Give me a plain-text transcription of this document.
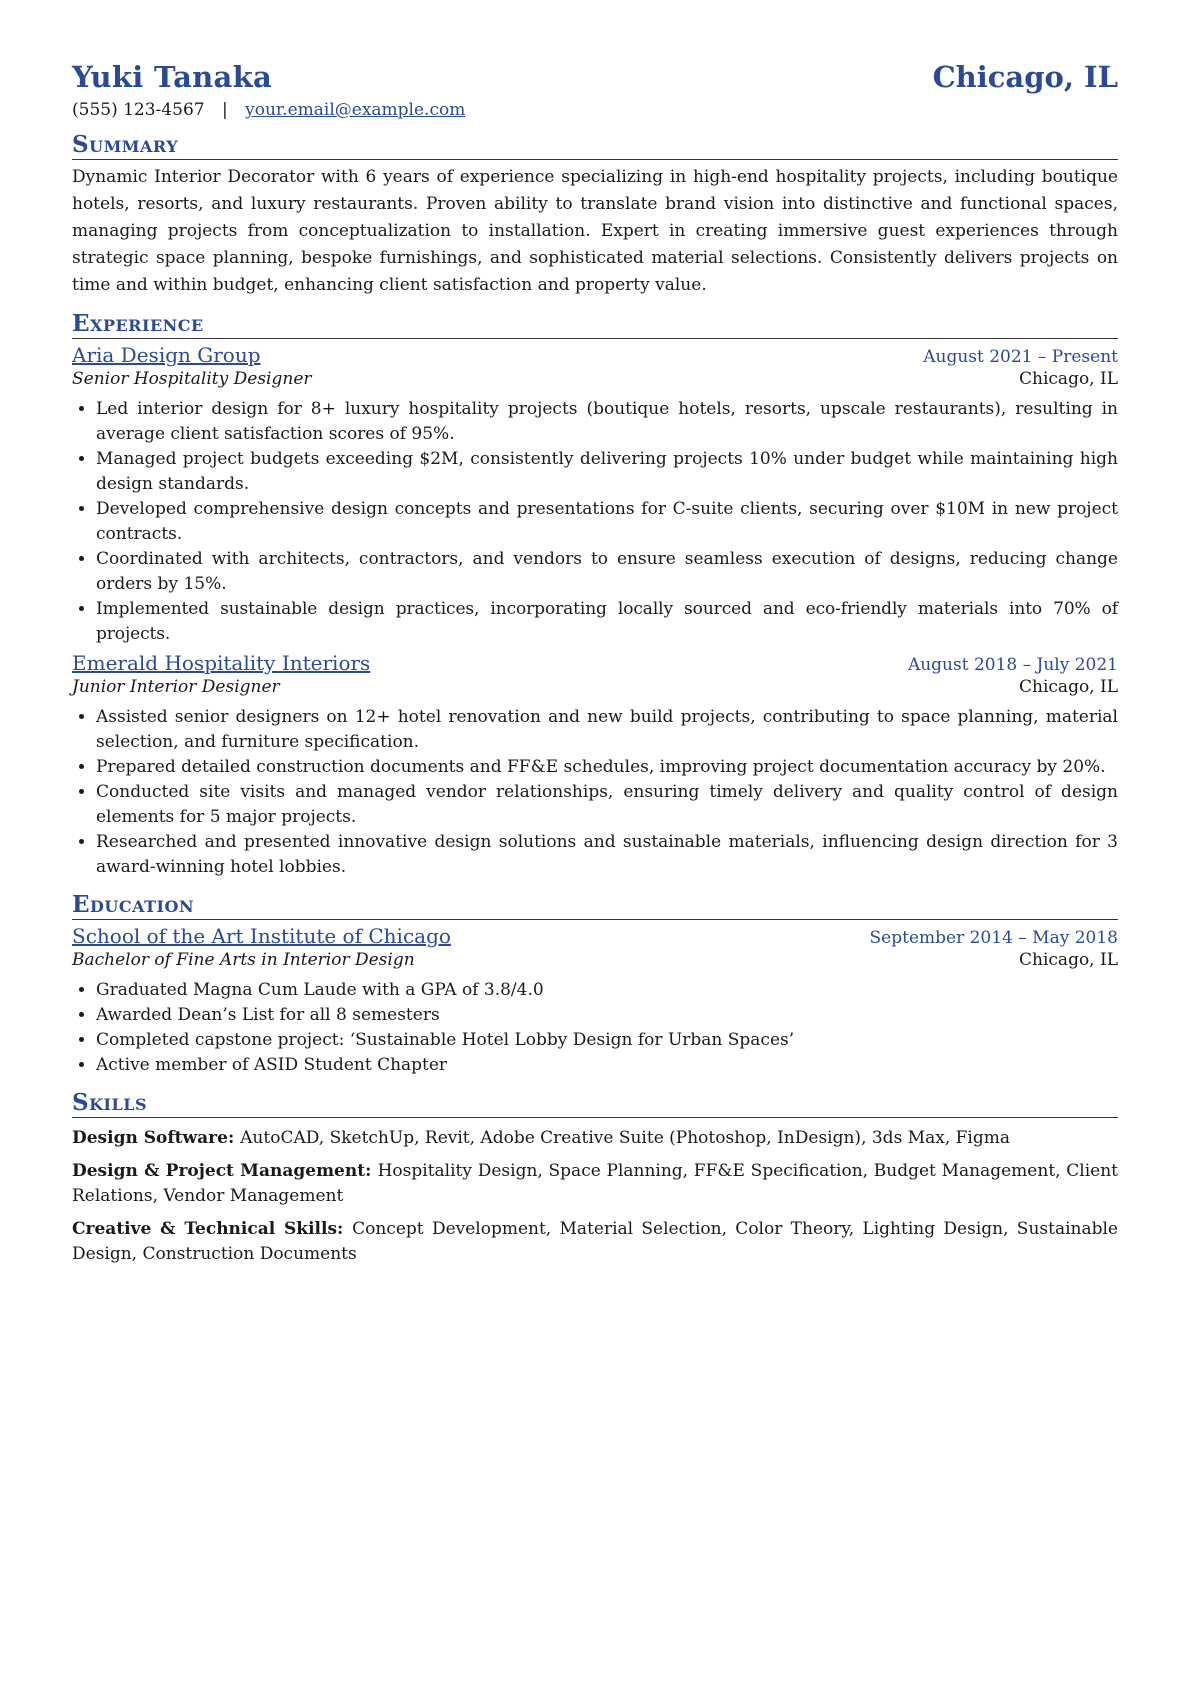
Yuki Tanaka	Chicago, IL
(555) 123-4567 | your.email@example.com
Summary
Dynamic Interior Decorator with 6 years of experience specializing in high-end hospitality projects, including boutique hotels, resorts, and luxury restaurants. Proven ability to translate brand vision into distinctive and functional spaces, managing projects from conceptualization to installation. Expert in creating immersive guest experiences through strategic space planning, bespoke furnishings, and sophisticated material selections. Consistently delivers projects on time and within budget, enhancing client satisfaction and property value.
Experience
Aria Design Group	August 2021 – Present
Senior Hospitality Designer	Chicago, IL
• Led interior design for 8+ luxury hospitality projects (boutique hotels, resorts, upscale restaurants), resulting in average client satisfaction scores of 95%.
• Managed project budgets exceeding $2M, consistently delivering projects 10% under budget while maintaining high design standards.
• Developed comprehensive design concepts and presentations for C-suite clients, securing over $10M in new project contracts.
• Coordinated with architects, contractors, and vendors to ensure seamless execution of designs, reducing change orders by 15%.
• Implemented sustainable design practices, incorporating locally sourced and eco-friendly materials into 70% of projects.
Emerald Hospitality Interiors	August 2018 – July 2021
Junior Interior Designer	Chicago, IL
• Assisted senior designers on 12+ hotel renovation and new build projects, contributing to space planning, material selection, and furniture specification.
• Prepared detailed construction documents and FF&E schedules, improving project documentation accuracy by 20%.
• Conducted site visits and managed vendor relationships, ensuring timely delivery and quality control of design elements for 5 major projects.
• Researched and presented innovative design solutions and sustainable materials, influencing design direction for 3 award-winning hotel lobbies.
Education
School of the Art Institute of Chicago	September 2014 – May 2018
Bachelor of Fine Arts in Interior Design	Chicago, IL
• Graduated Magna Cum Laude with a GPA of 3.8/4.0
• Awarded Dean’s List for all 8 semesters
• Completed capstone project: ‘Sustainable Hotel Lobby Design for Urban Spaces’
• Active member of ASID Student Chapter
Skills
Design Software: AutoCAD, SketchUp, Revit, Adobe Creative Suite (Photoshop, InDesign), 3ds Max, Figma
Design & Project Management: Hospitality Design, Space Planning, FF&E Specification, Budget Management, Client Relations, Vendor Management
Creative & Technical Skills: Concept Development, Material Selection, Color Theory, Lighting Design, Sustainable Design, Construction Documents
